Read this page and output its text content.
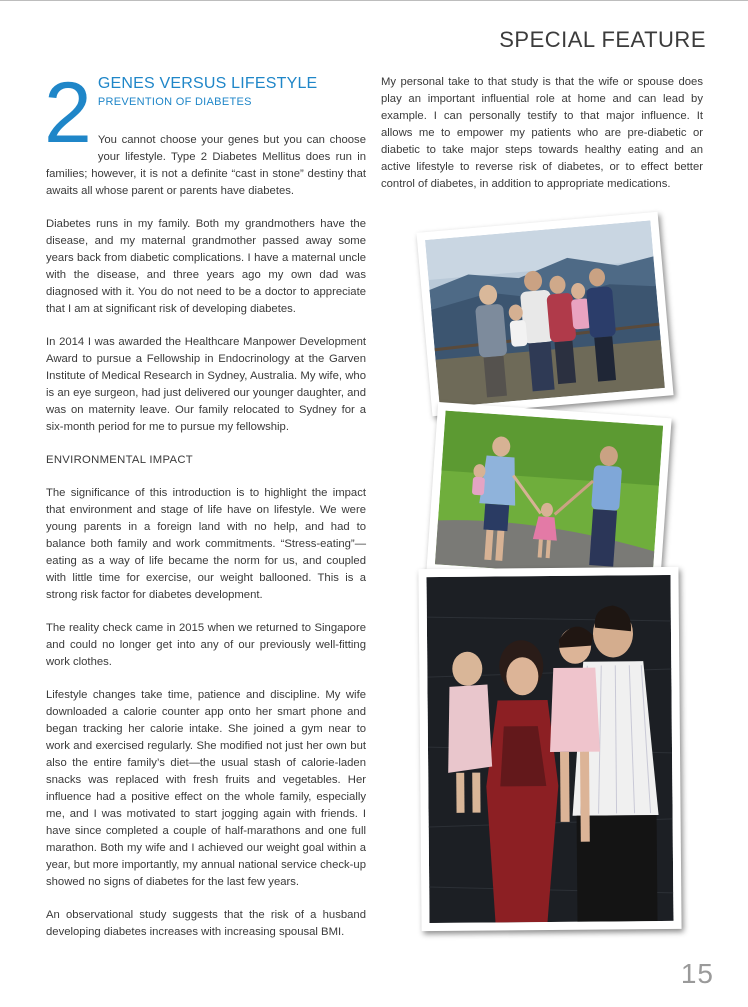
SPECIAL FEATURE
2 GENES VERSUS LIFESTYLE
PREVENTION OF DIABETES

You cannot choose your genes but you can choose your lifestyle. Type 2 Diabetes Mellitus does run in families; however, it is not a definite “cast in stone” destiny that awaits all whose parent or parents have diabetes.

Diabetes runs in my family. Both my grandmothers have the disease, and my maternal grandmother passed away some years back from diabetic complications. I have a maternal uncle with the disease, and three years ago my own dad was diagnosed with it. You do not need to be a doctor to appreciate that I am at significant risk of developing diabetes.

In 2014 I was awarded the Healthcare Manpower Development Award to pursue a Fellowship in Endocrinology at the Garven Institute of Medical Research in Sydney, Australia. My wife, who is an eye surgeon, had just delivered our younger daughter, and was on maternity leave. Our family relocated to Sydney for a six-month period for me to pursue my fellowship.

ENVIRONMENTAL IMPACT

The significance of this introduction is to highlight the impact that environment and stage of life have on lifestyle. We were young parents in a foreign land with no help, and had to balance both family and work commitments. “Stress-eating”—eating as a way of life became the norm for us, and coupled with little time for exercise, our weight ballooned. This is a strong risk factor for diabetes development.

The reality check came in 2015 when we returned to Singapore and could no longer get into any of our previously well-fitting work clothes.

Lifestyle changes take time, patience and discipline. My wife downloaded a calorie counter app onto her smart phone and began tracking her calorie intake. She joined a gym near to work and exercised regularly. She modified not just her own but also the entire family’s diet—the usual stash of calorie-laden snacks was replaced with fresh fruits and vegetables. Her influence had a positive effect on the whole family, especially me, and I was motivated to start jogging again with friends. I have since completed a couple of half-marathons and one full marathon. Both my wife and I achieved our weight goal within a year, but more importantly, my annual national service check-up showed no signs of diabetes for the last few years.

An observational study suggests that the risk of a husband developing diabetes increases with increasing spousal BMI.

My personal take to that study is that the wife or spouse does play an important influential role at home and can lead by example. I can personally testify to that major influence. It allows me to empower my patients who are pre-diabetic or diabetic to take major steps towards healthy eating and an active lifestyle to reverse risk of diabetes, or to effect better control of diabetes, in addition to appropriate medications.

15
